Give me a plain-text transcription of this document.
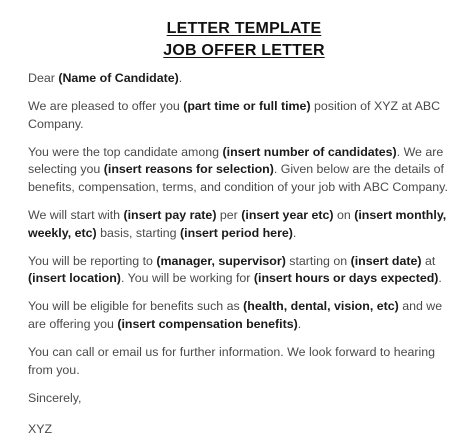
LETTER TEMPLATE
JOB OFFER LETTER

Dear (Name of Candidate).

We are pleased to offer you (part time or full time) position of XYZ at ABC Company.

You were the top candidate among (insert number of candidates). We are selecting you (insert reasons for selection). Given below are the details of benefits, compensation, terms, and condition of your job with ABC Company.

We will start with (insert pay rate) per (insert year etc) on (insert monthly, weekly, etc) basis, starting (insert period here).

You will be reporting to (manager, supervisor) starting on (insert date) at (insert location). You will be working for (insert hours or days expected).

You will be eligible for benefits such as (health, dental, vision, etc) and we are offering you (insert compensation benefits).

You can call or email us for further information. We look forward to hearing from you.

Sincerely,

XYZ
